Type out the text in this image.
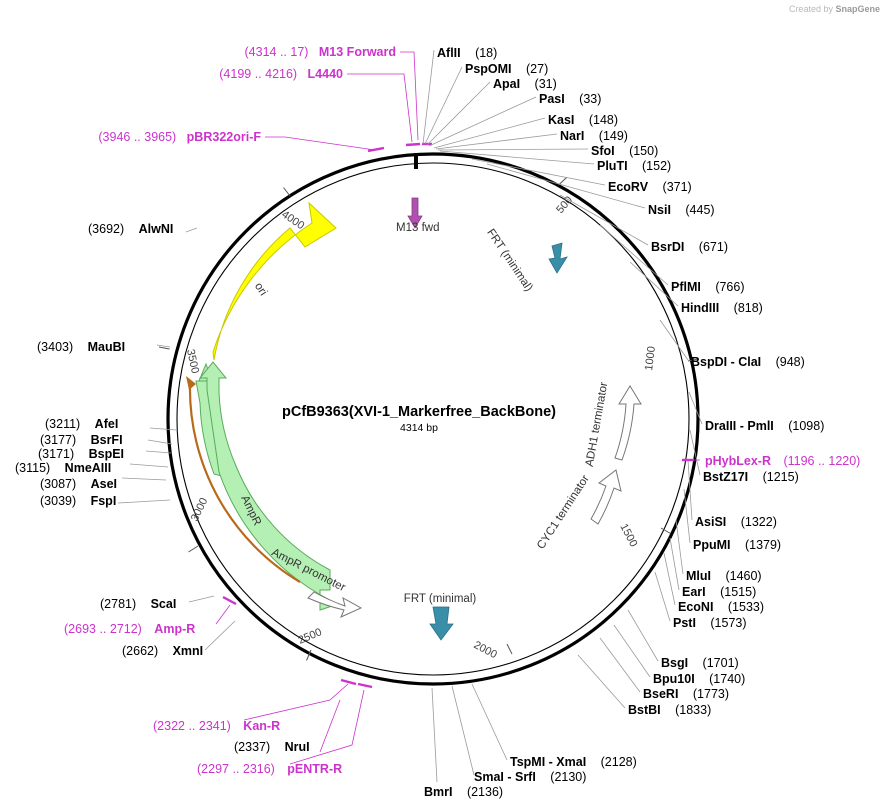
Created by SnapGene
500
1000
1500
2000
2500
3000
3500
4000
ori
AmpR
AmpR promoter
ADH1 terminator
CYC1 terminator
M13 fwd	FRT (minimal)
FRT (minimal)
pCfB9363(XVI-1_Markerfree_BackBone)
4314 bp
(4314 .. 17) M13 Forward
(4199 .. 4216) L4440
(3946 .. 3965) pBR322ori-F
AflII (18)
PspOMI (27)
ApaI (31)
PasI (33)
KasI (148)
NarI (149)
SfoI (150)
PluTI (152)
EcoRV (371)
NsiI (445)
BsrDI (671)
PflMI (766)
HindIII (818)
BspDI - ClaI (948)
DraIII - PmlI (1098)
BstZ17I (1215)
AsiSI (1322)
PpuMI (1379)
MluI (1460)
EarI (1515)
EcoNI (1533)
PstI (1573)
BsgI (1701)
Bpu10I (1740)
BseRI (1773)
BstBI (1833)
pHybLex-R (1196 .. 1220)
TspMI - XmaI (2128)
SmaI - SrfI (2130)
BmrI (2136)
(3692) AlwNI
(3403) MauBI
(3211) AfeI
(3177) BsrFI
(3171) BspEI
(3115) NmeAIII
(3087) AseI
(3039) FspI
(2781) ScaI
(2662) XmnI
(2337) NruI
(2693 .. 2712) Amp-R
(2322 .. 2341) Kan-R
(2297 .. 2316) pENTR-R
